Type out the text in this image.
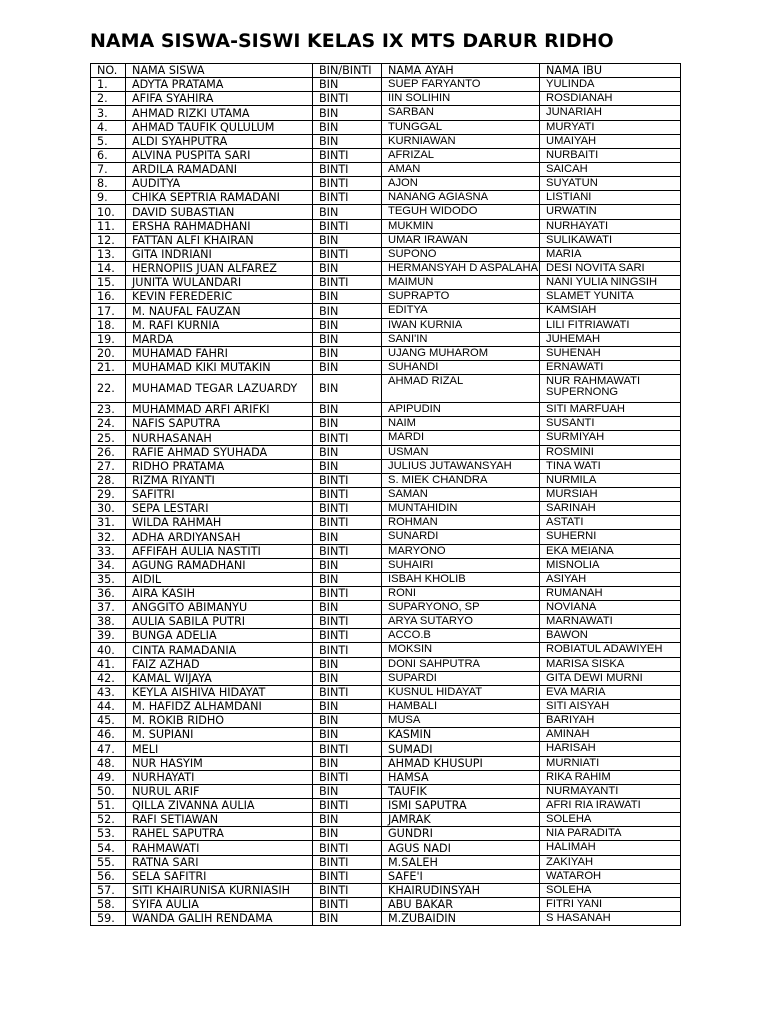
NAMA SISWA-SISWI KELAS IX MTS DARUR RIDHO
NO.	NAMA SISWA	BIN/BINTI	NAMA AYAH	NAMA IBU
1.	ADYTA PRATAMA	BIN	SUEP FARYANTO	YULINDA
2.	AFIFA SYAHIRA	BINTI	IIN SOLIHIN	ROSDIANAH
3.	AHMAD RIZKI UTAMA	BIN	SARBAN	JUNARIAH
4.	AHMAD TAUFIK QULULUM	BIN	TUNGGAL	MURYATI
5.	ALDI SYAHPUTRA	BIN	KURNIAWAN	UMAIYAH
6.	ALVINA PUSPITA SARI	BINTI	AFRIZAL	NURBAITI
7.	ARDILA RAMADANI	BINTI	AMAN	SAICAH
8.	AUDITYA	BINTI	AJON	SUYATUN
9.	CHIKA SEPTRIA RAMADANI	BINTI	NANANG AGIASNA	LISTIANI
10.	DAVID SUBASTIAN	BIN	TEGUH WIDODO	URWATIN
11.	ERSHA RAHMADHANI	BINTI	MUKMIN	NURHAYATI
12.	FATTAN ALFI KHAIRAN	BIN	UMAR IRAWAN	SULIKAWATI
13.	GITA INDRIANI	BINTI	SUPONO	MARIA
14.	HERNOPIIS JUAN ALFAREZ	BIN	HERMANSYAH D ASPALAHA	DESI NOVITA SARI
15.	JUNITA WULANDARI	BINTI	MAIMUN	NANI YULIA NINGSIH
16.	KEVIN FEREDERIC	BIN	SUPRAPTO	SLAMET YUNITA
17.	M. NAUFAL FAUZAN	BIN	EDITYA	KAMSIAH
18.	M. RAFI KURNIA	BIN	IWAN KURNIA	LILI FITRIAWATI
19.	MARDA	BIN	SANI'IN	JUHEMAH
20.	MUHAMAD FAHRI	BIN	UJANG MUHAROM	SUHENAH
21.	MUHAMAD KIKI MUTAKIN	BIN	SUHANDI	ERNAWATI
22.	MUHAMAD TEGAR LAZUARDY	BIN	AHMAD RIZAL	NUR RAHMAWATI
SUPERNONG

23.	MUHAMMAD ARFI ARIFKI	BIN	APIPUDIN	SITI MARFUAH
24.	NAFIS SAPUTRA	BIN	NAIM	SUSANTI
25.	NURHASANAH	BINTI	MARDI	SURMIYAH
26.	RAFIE AHMAD SYUHADA	BIN	USMAN	ROSMINI
27.	RIDHO PRATAMA	BIN	JULIUS JUTAWANSYAH	TINA WATI
28.	RIZMA RIYANTI	BINTI	S. MIEK CHANDRA	NURMILA
29.	SAFITRI	BINTI	SAMAN	MURSIAH
30.	SEPA LESTARI	BINTI	MUNTAHIDIN	SARINAH
31.	WILDA RAHMAH	BINTI	ROHMAN	ASTATI
32.	ADHA ARDIYANSAH	BIN	SUNARDI	SUHERNI
33.	AFFIFAH AULIA NASTITI	BINTI	MARYONO	EKA MEIANA
34.	AGUNG RAMADHANI	BIN	SUHAIRI	MISNOLIA
35.	AIDIL	BIN	ISBAH KHOLIB	ASIYAH
36.	AIRA KASIH	BINTI	RONI	RUMANAH
37.	ANGGITO ABIMANYU	BIN	SUPARYONO, SP	NOVIANA
38.	AULIA SABILA PUTRI	BINTI	ARYA SUTARYO	MARNAWATI
39.	BUNGA ADELIA	BINTI	ACCO.B	BAWON
40.	CINTA RAMADANIA	BINTI	MOKSIN	ROBIATUL ADAWIYEH
41.	FAIZ AZHAD	BIN	DONI SAHPUTRA	MARISA SISKA
42.	KAMAL WIJAYA	BIN	SUPARDI	GITA DEWI MURNI
43.	KEYLA AISHIVA HIDAYAT	BINTI	KUSNUL HIDAYAT	EVA MARIA
44.	M. HAFIDZ ALHAMDANI	BIN	HAMBALI	SITI AISYAH
45.	M. ROKIB RIDHO	BIN	MUSA	BARIYAH
46.	M. SUPIANI	BIN	KASMIN	AMINAH
47.	MELI	BINTI	SUMADI	HARISAH
48.	NUR HASYIM	BIN	AHMAD KHUSUPI	MURNIATI
49.	NURHAYATI	BINTI	HAMSA	RIKA RAHIM
50.	NURUL ARIF	BIN	TAUFIK	NURMAYANTI
51.	QILLA ZIVANNA AULIA	BINTI	ISMI SAPUTRA	AFRI RIA IRAWATI
52.	RAFI SETIAWAN	BIN	JAMRAK	SOLEHA
53.	RAHEL SAPUTRA	BIN	GUNDRI	NIA PARADITA
54.	RAHMAWATI	BINTI	AGUS NADI	HALIMAH
55.	RATNA SARI	BINTI	M.SALEH	ZAKIYAH
56.	SELA SAFITRI	BINTI	SAFE'I	WATAROH
57.	SITI KHAIRUNISA KURNIASIH	BINTI	KHAIRUDINSYAH	SOLEHA
58.	SYIFA AULIA	BINTI	ABU BAKAR	FITRI YANI
59.	WANDA GALIH RENDAMA	BIN	M.ZUBAIDIN	S HASANAH
